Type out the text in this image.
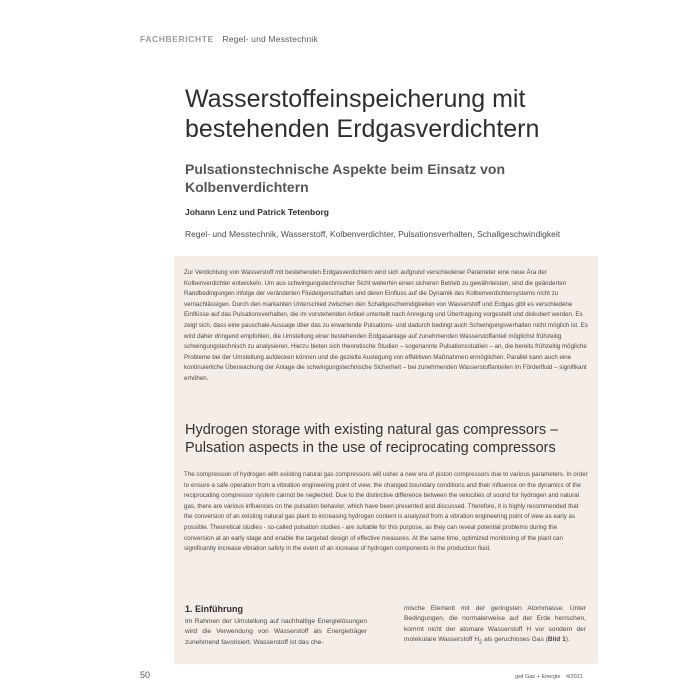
FACHBERICHTE Regel- und Messtechnik
Wasserstoffeinspeicherung mit bestehenden Erdgasverdichtern
Pulsationstechnische Aspekte beim Einsatz von Kolbenverdichtern
Johann Lenz und Patrick Tetenborg
Regel- und Messtechnik, Wasserstoff, Kolbenverdichter, Pulsationsverhalten, Schallgeschwindigkeit

Zur Verdichtung von Wasserstoff mit bestehenden Erdgasverdichtern wird sich aufgrund verschiedener Parameter eine neue Ära der Kolbenverdichter entwickeln. Um aus schwingungstechnischer Sicht weiterhin einen sicheren Betrieb zu gewährleisten, sind die geänderten Randbedingungen infolge der veränderten Fluideigenschaften und deren Einfluss auf die Dynamik des Kolbenverdichtersystems nicht zu vernachlässigen. Durch den markanten Unterschied zwischen den Schallgeschwindigkeiten von Wasserstoff und Erdgas gibt es verschiedene Einflüsse auf das Pulsationsverhalten, die im vorstehenden Artikel unterteilt nach Anregung und Übertragung vorgestellt und diskutiert werden. Es zeigt sich, dass eine pauschale Aussage über das zu erwartende Pulsations- und dadurch bedingt auch Schwingungsverhalten nicht möglich ist. Es wird daher dringend empfohlen, die Umstellung einer bestehenden Erdgasanlage auf zunehmenden Wasserstoffanteil möglichst frühzeitig schwingungstechnisch zu analysieren. Hierzu bieten sich theoretische Studien – sogenannte Pulsationsstudien – an, die bereits frühzeitig mögliche Probleme bei der Umstellung aufdecken können und die gezielte Auslegung von effektiven Maßnahmen ermöglichen. Parallel kann auch eine kontinuierliche Überwachung der Anlage die schwingungstechnische Sicherheit – bei zunehmenden Wasserstoffanteilen im Förderfluid – signifikant erhöhen.

Hydrogen storage with existing natural gas compressors – Pulsation aspects in the use of reciprocating compressors

The compression of hydrogen with existing natural gas compressors will usher a new era of piston compressors due to various parameters. In order to ensure a safe operation from a vibration engineering point of view, the changed boundary conditions and their influence on the dynamics of the reciprocating compressor system cannot be neglected. Due to the distinctive difference between the velocities of sound for hydrogen and natural gas, there are various influences on the pulsation behavior, which have been presented and discussed. Therefore, it is highly recommended that the conversion of an existing natural gas plant to increasing hydrogen content is analyzed from a vibration engineering point of view as early as possible. Theoretical studies - so-called pulsation studies - are suitable for this purpose, as they can reveal potential problems during the conversion at an early stage and enable the targeted design of effective measures. At the same time, optimized monitoring of the plant can significantly increase vibration safety in the event of an increase of hydrogen components in the production fluid.

1. Einführung

Im Rahmen der Umstellung auf nachhaltige Energielösungen wird die Verwendung von Wasserstoff als Energieträger zunehmend favorisiert. Wasserstoff ist das che-

mische Element mit der geringsten Atommasse. Unter Bedingungen, die normalerweise auf der Erde herrschen, kommt nicht der atomare Wasserstoff H vor sondern der molekulare Wasserstoff $H_2$ als geruchloses Gas (Bild 1).

50	gwf Gas + Energie 4/2021
